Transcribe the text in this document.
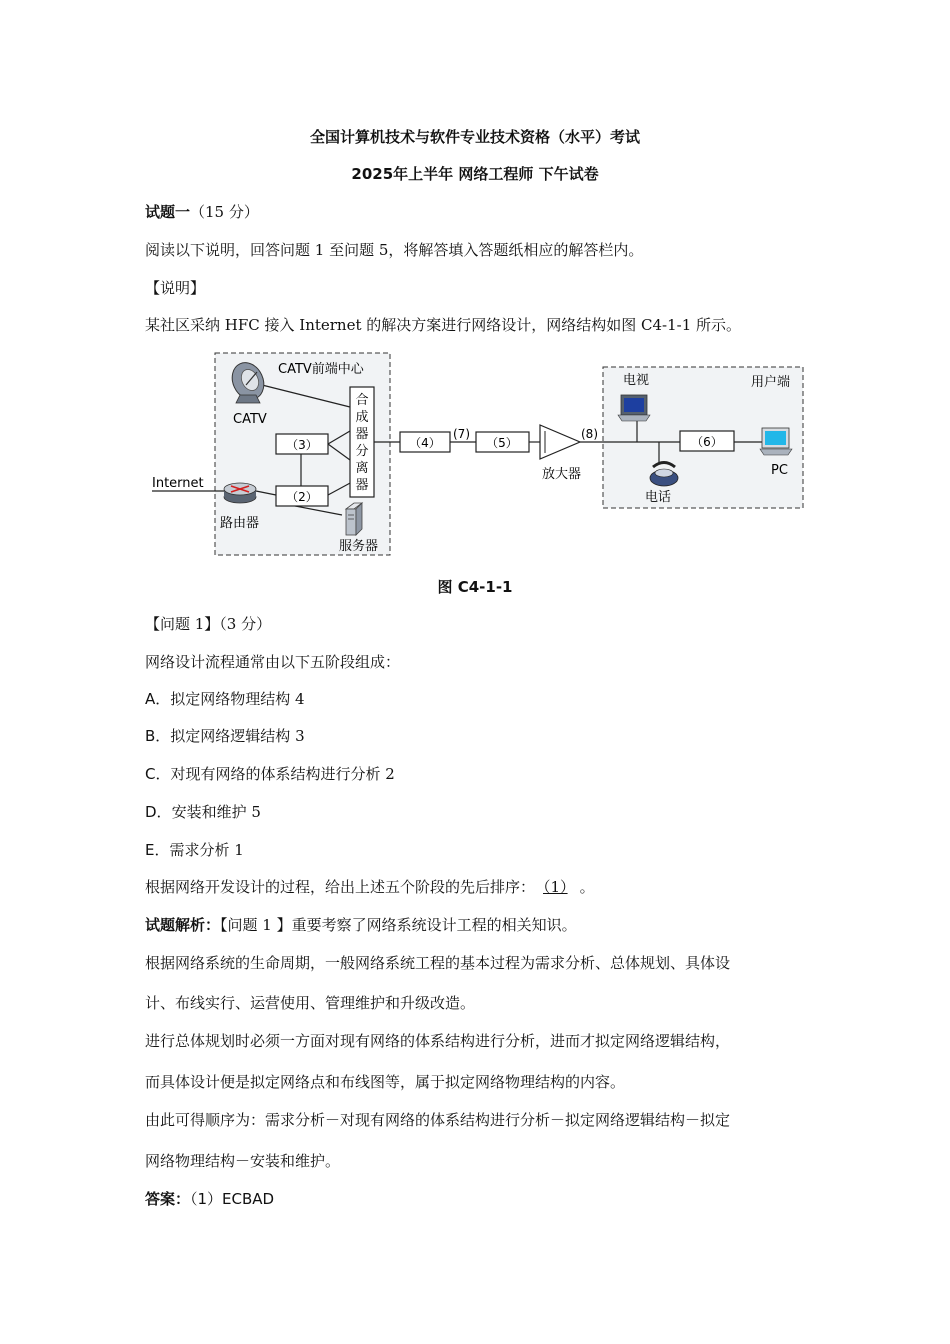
全国计算机技术与软件专业技术资格（水平）考试
2025年上半年 网络工程师 下午试卷
试题一（15 分）
阅读以下说明，回答问题 1 至问题 5，将解答填入答题纸相应的解答栏内。
【说明】
某社区采纳 HFC 接入 Internet 的解决方案进行网络设计，网络结构如图 C4-1-1 所示。
CATV前端中心
用户端
合
成
器
分
离
器
（3）
（2）
（4）	（5）	（6）
(7)	(8)
放大器
CATV
Internet
路由器
服务器
电视
电话
PC
图 C4-1-1
【问题 1】（3 分）
网络设计流程通常由以下五阶段组成：
A．拟定网络物理结构 4
B．拟定网络逻辑结构 3
C．对现有网络的体系结构进行分析 2
D．安装和维护 5
E．需求分析 1
根据网络开发设计的过程，给出上述五个阶段的先后排序： （1） 。
试题解析：【问题 1 】重要考察了网络系统设计工程的相关知识。
根据网络系统的生命周期，一般网络系统工程的基本过程为需求分析、总体规划、具体设
计、布线实行、运营使用、管理维护和升级改造。
进行总体规划时必须一方面对现有网络的体系结构进行分析，进而才拟定网络逻辑结构，
而具体设计便是拟定网络点和布线图等，属于拟定网络物理结构的内容。
由此可得顺序为：需求分析－对现有网络的体系结构进行分析－拟定网络逻辑结构－拟定
网络物理结构－安装和维护。
答案：（1）ECBAD
